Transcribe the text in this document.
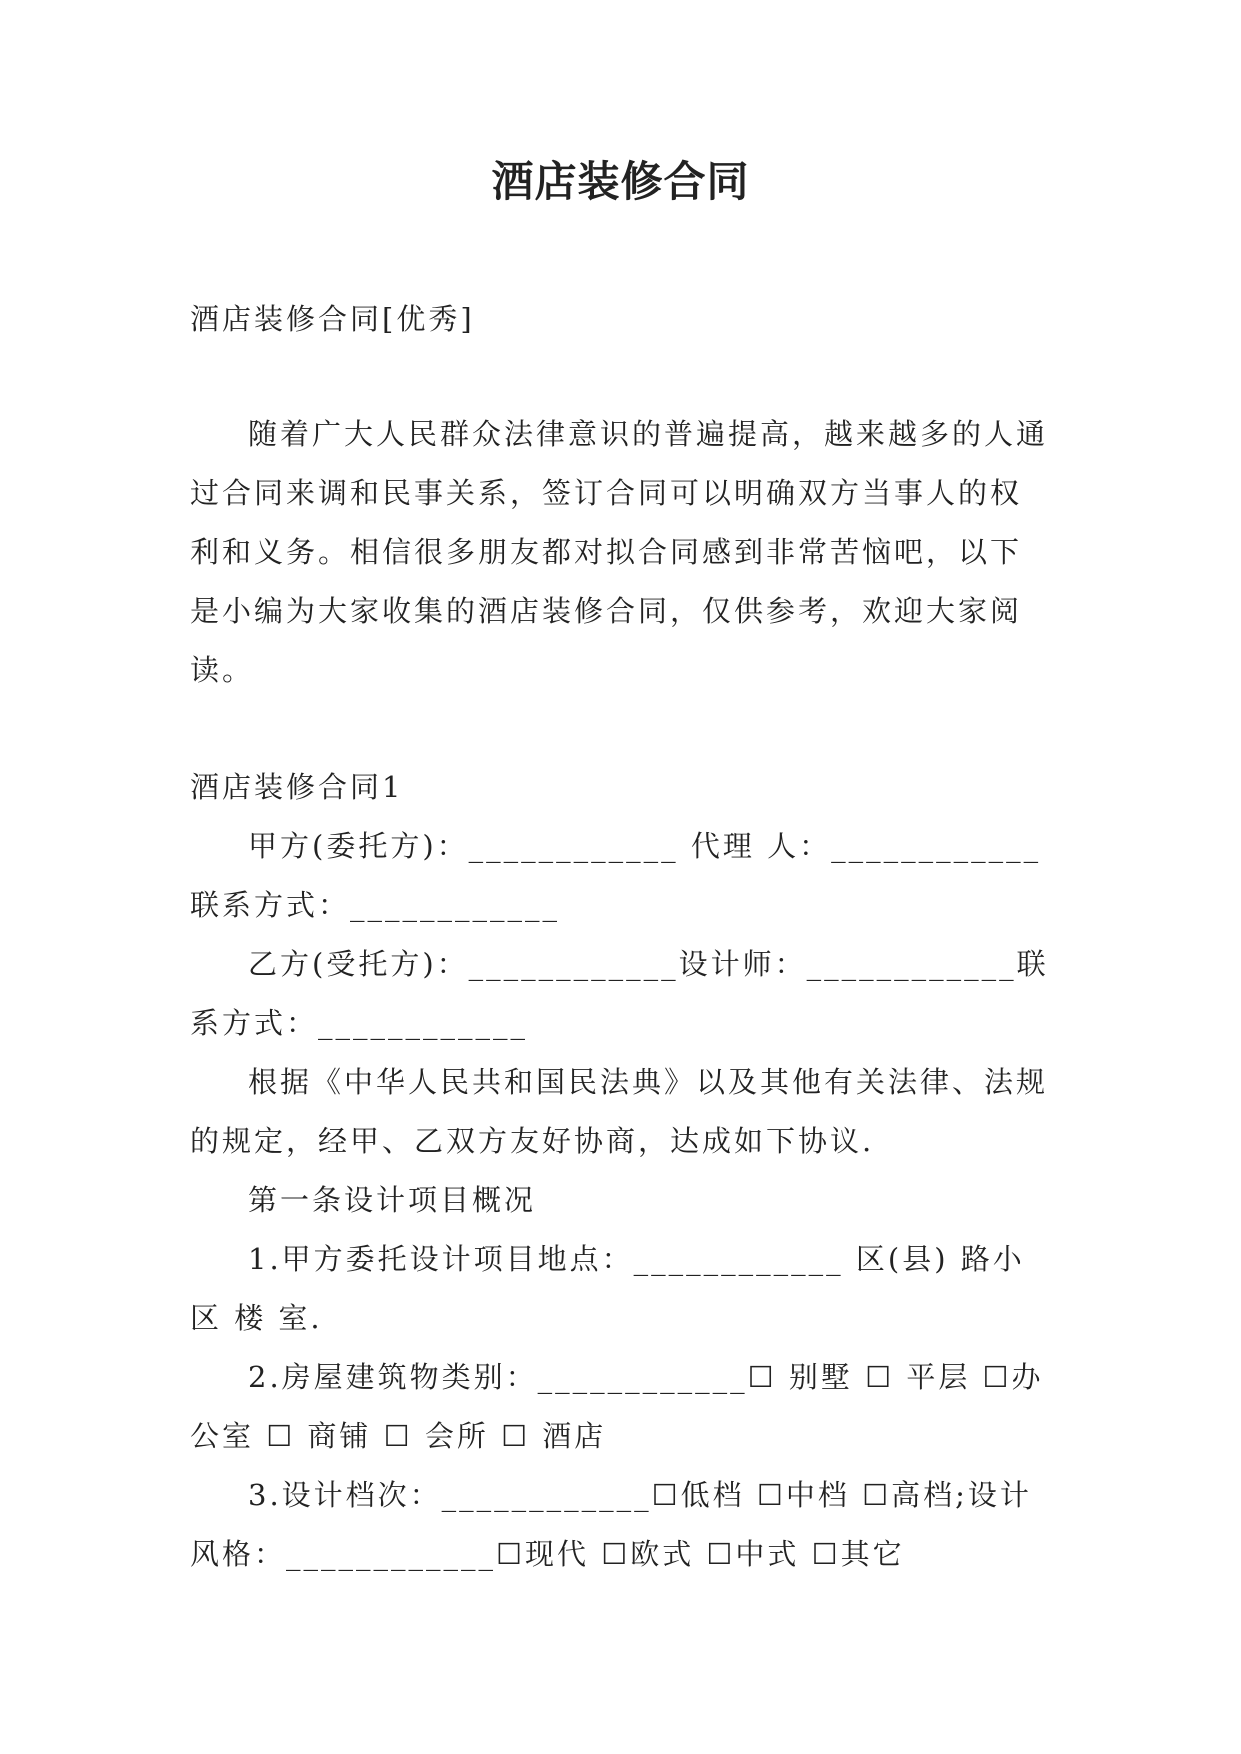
酒店装修合同

酒店装修合同[优秀]

随着广大人民群众法律意识的普遍提高，越来越多的人通过合同来调和民事关系，签订合同可以明确双方当事人的权利和义务。相信很多朋友都对拟合同感到非常苦恼吧，以下是小编为大家收集的酒店装修合同，仅供参考，欢迎大家阅读。

酒店装修合同1

甲方(委托方)：____________ 代理 人：____________联系方式：____________

乙方(受托方)：____________设计师：____________联系方式：____________

根据《中华人民共和国民法典》以及其他有关法律、法规的规定，经甲、乙双方友好协商，达成如下协议.

第一条设计项目概况

1.甲方委托设计项目地点：____________ 区(县) 路小区 楼 室.

2.房屋建筑物类别：____________☐ 别墅 ☐ 平层 ☐办公室 ☐ 商铺 ☐ 会所 ☐ 酒店

3.设计档次：____________☐低档 ☐中档 ☐高档;设计风格：____________☐现代 ☐欧式 ☐中式 ☐其它
